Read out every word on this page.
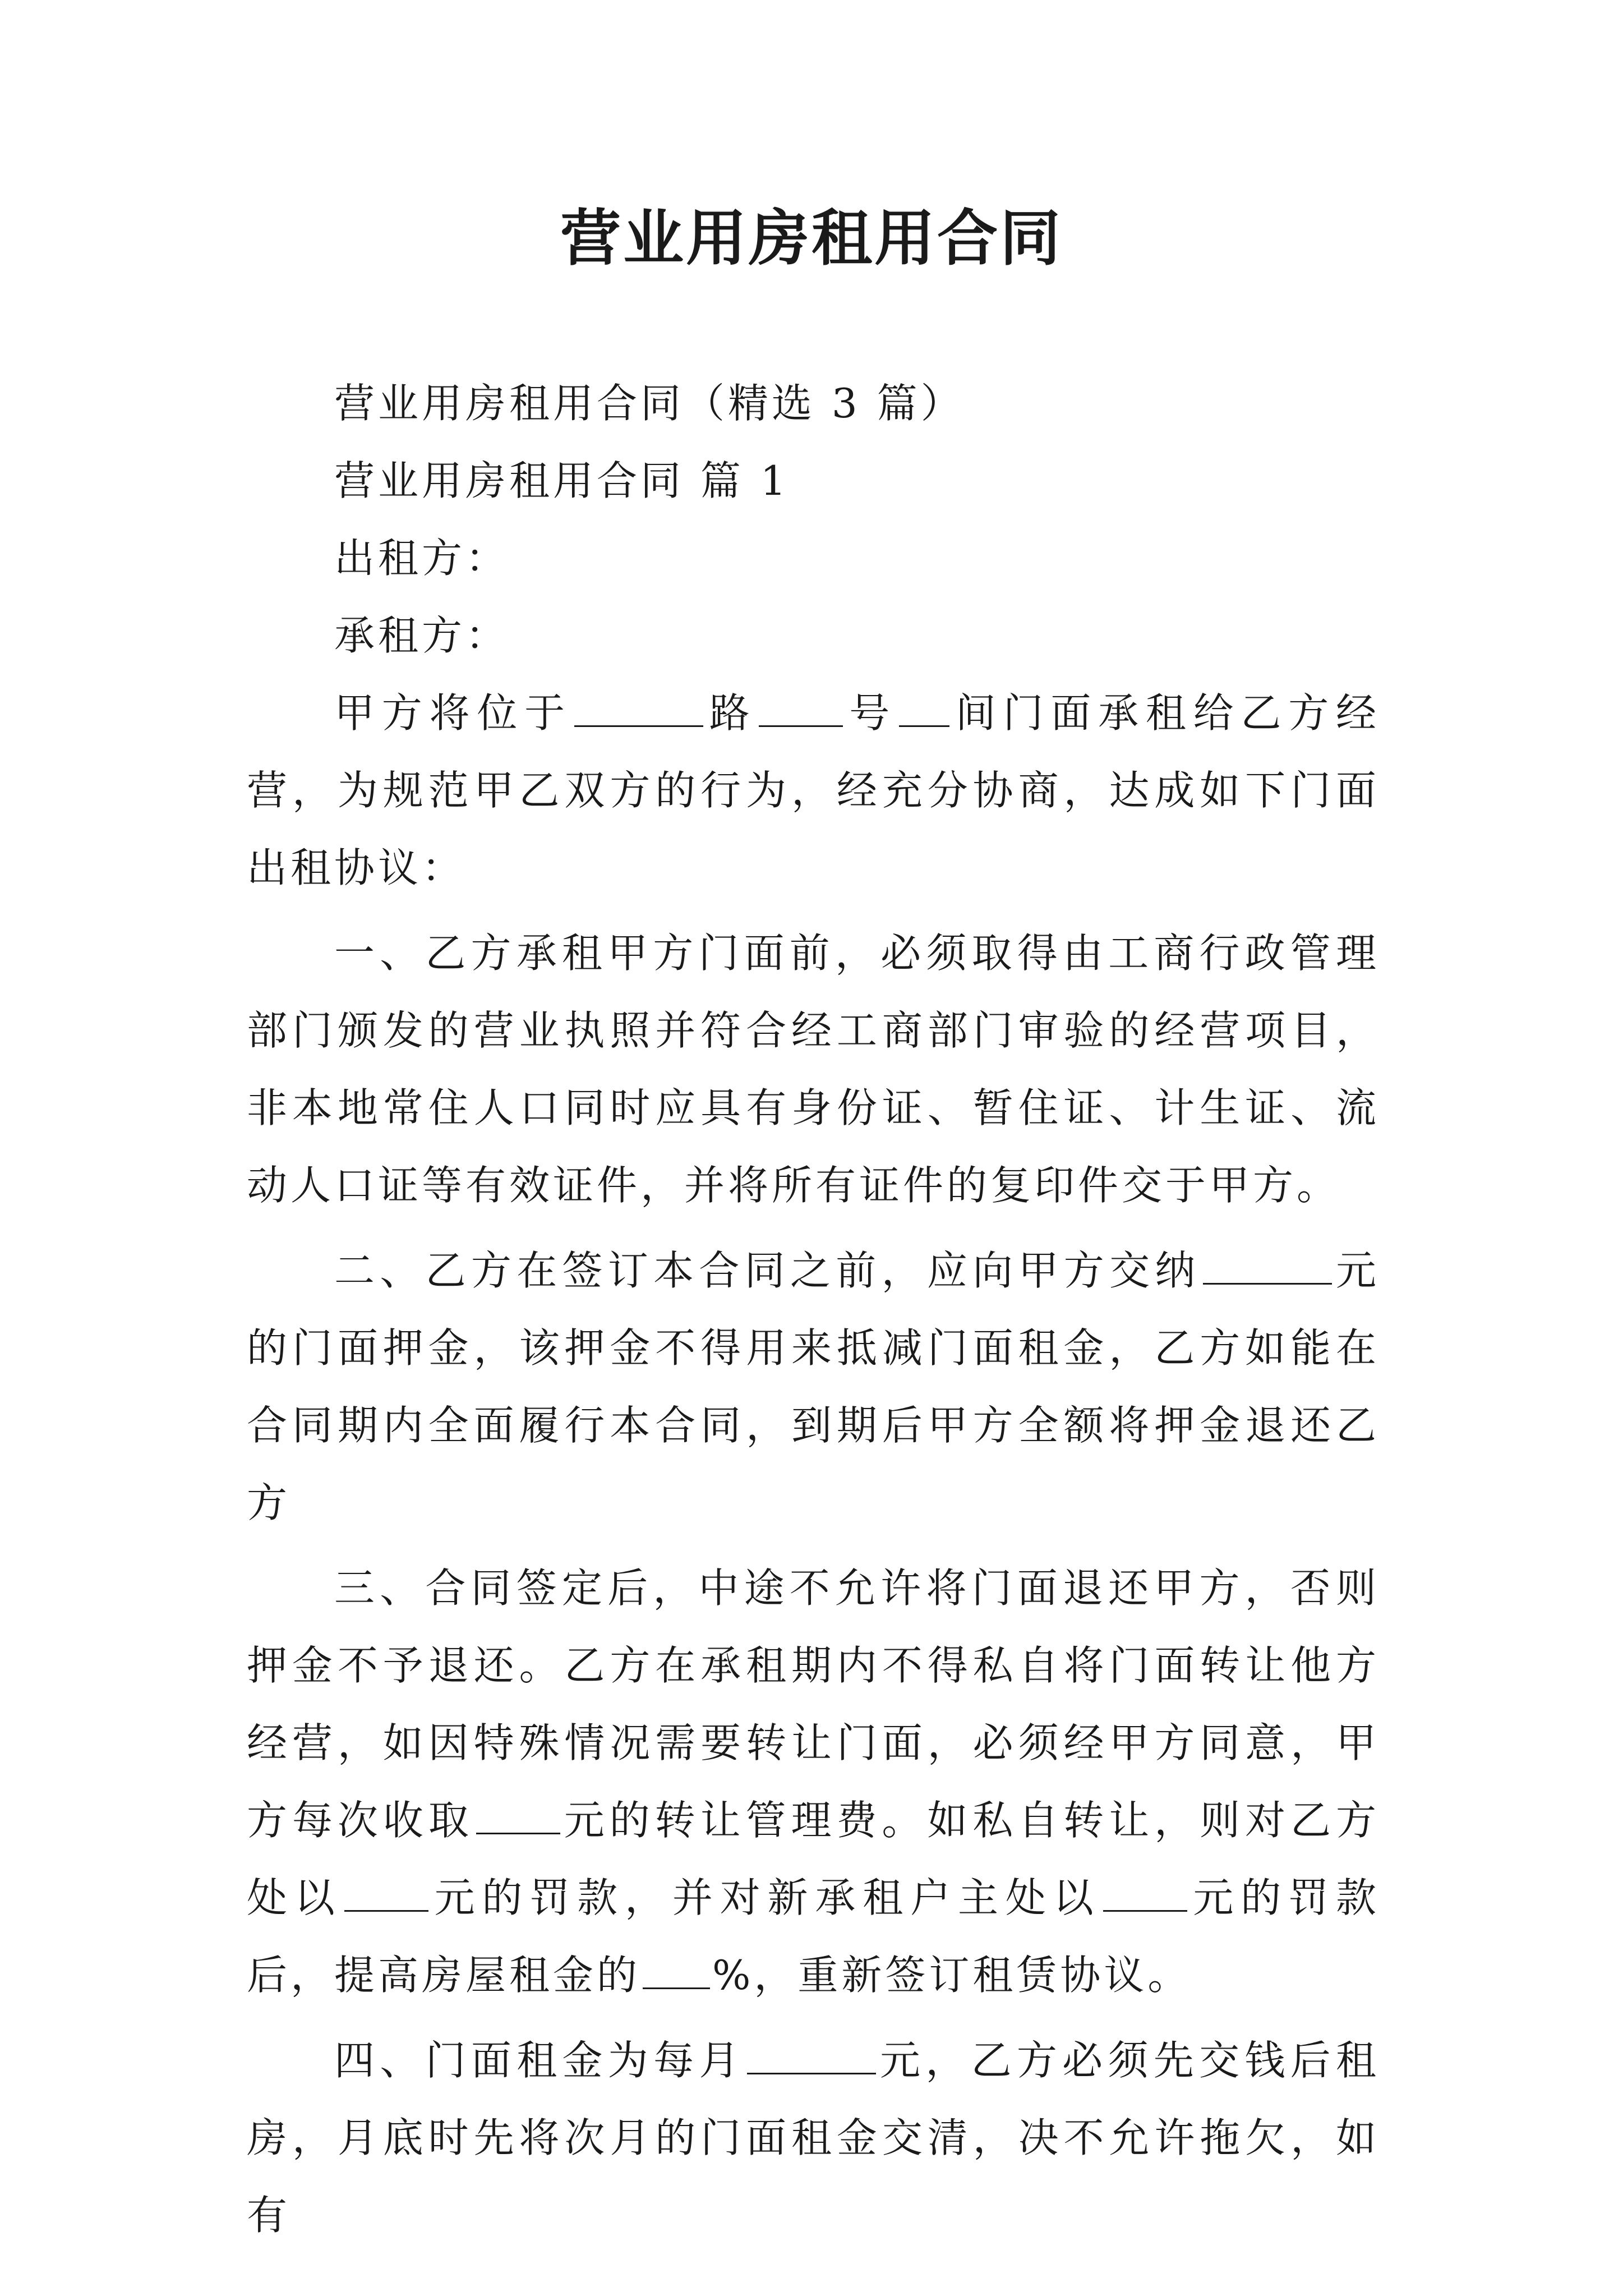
营业用房租用合同

营业用房租用合同（精选 3 篇）

营业用房租用合同 篇 1

出租方：

承租方：

甲方将位于	路 号 间门面承租给乙方经营，为规范甲乙双方的行为，经充分协商，达成如下门面出租协议：

一、乙方承租甲方门面前，必须取得由工商行政管理部门颁发的营业执照并符合经工商部门审验的经营项目，非本地常住人口同时应具有身份证、暂住证、计生证、流动人口证等有效证件，并将所有证件的复印件交于甲方。

二、乙方在签订本合同之前，应向甲方交纳	元的门面押金，该押金不得用来抵减门面租金，乙方如能在合同期内全面履行本合同，到期后甲方全额将押金退还乙方

三、合同签定后，中途不允许将门面退还甲方，否则押金不予退还。乙方在承租期内不得私自将门面转让他方经营，如因特殊情况需要转让门面，必须经甲方同意，甲方每次收取 元的转让管理费。如私自转让，则对乙方处以 元的罚款，并对新承租户主处以 元的罚款后，提高房屋租金的 %，重新签订租赁协议。

四、门面租金为每月	元，乙方必须先交钱后租房，月底时先将次月的门面租金交清，决不允许拖欠，如有
